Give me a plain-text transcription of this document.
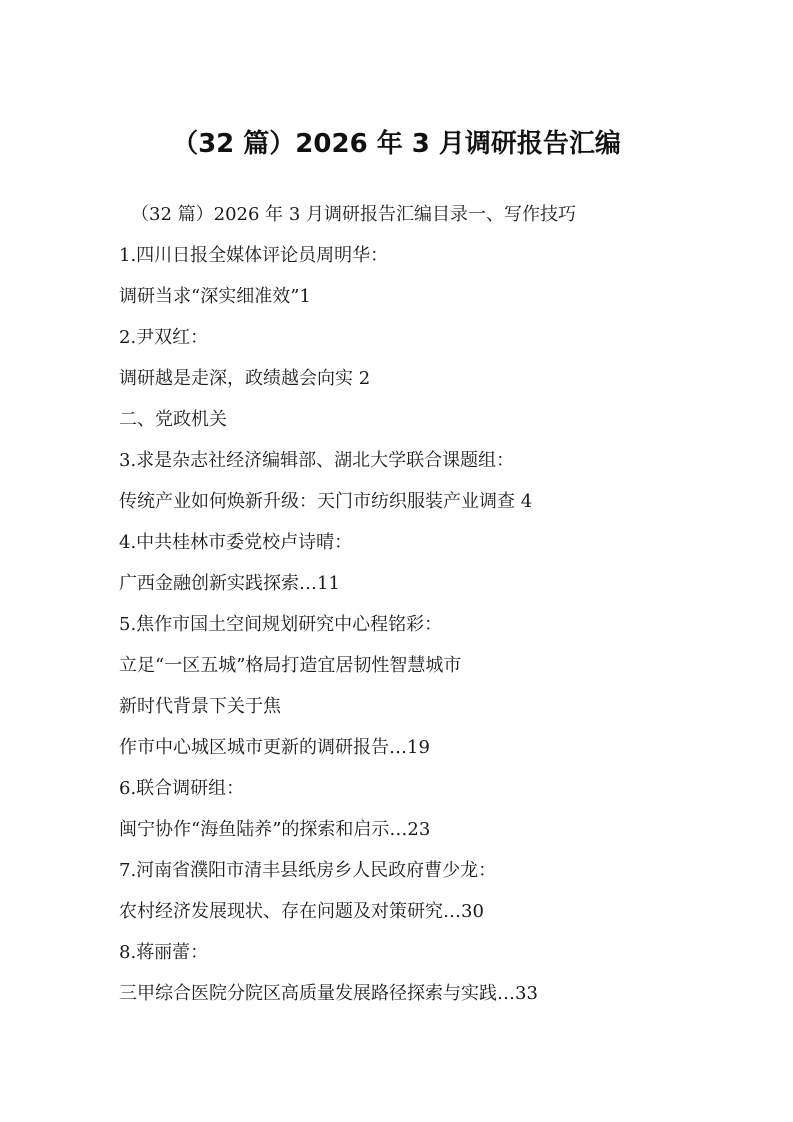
（32 篇）2026 年 3 月调研报告汇编
（32 篇）2026 年 3 月调研报告汇编目录一、写作技巧
1.四川日报全媒体评论员周明华：
调研当求“深实细准效”1
2.尹双红：
调研越是走深，政绩越会向实 2
二、党政机关
3.求是杂志社经济编辑部、湖北大学联合课题组：
传统产业如何焕新升级：天门市纺织服装产业调查 4
4.中共桂林市委党校卢诗晴：
广西金融创新实践探索…11
5.焦作市国土空间规划研究中心程铭彩：
立足“一区五城”格局打造宜居韧性智慧城市
新时代背景下关于焦
作市中心城区城市更新的调研报告…19
6.联合调研组：
闽宁协作“海鱼陆养”的探索和启示…23
7.河南省濮阳市清丰县纸房乡人民政府曹少龙：
农村经济发展现状、存在问题及对策研究…30
8.蒋丽蕾：
三甲综合医院分院区高质量发展路径探索与实践…33
